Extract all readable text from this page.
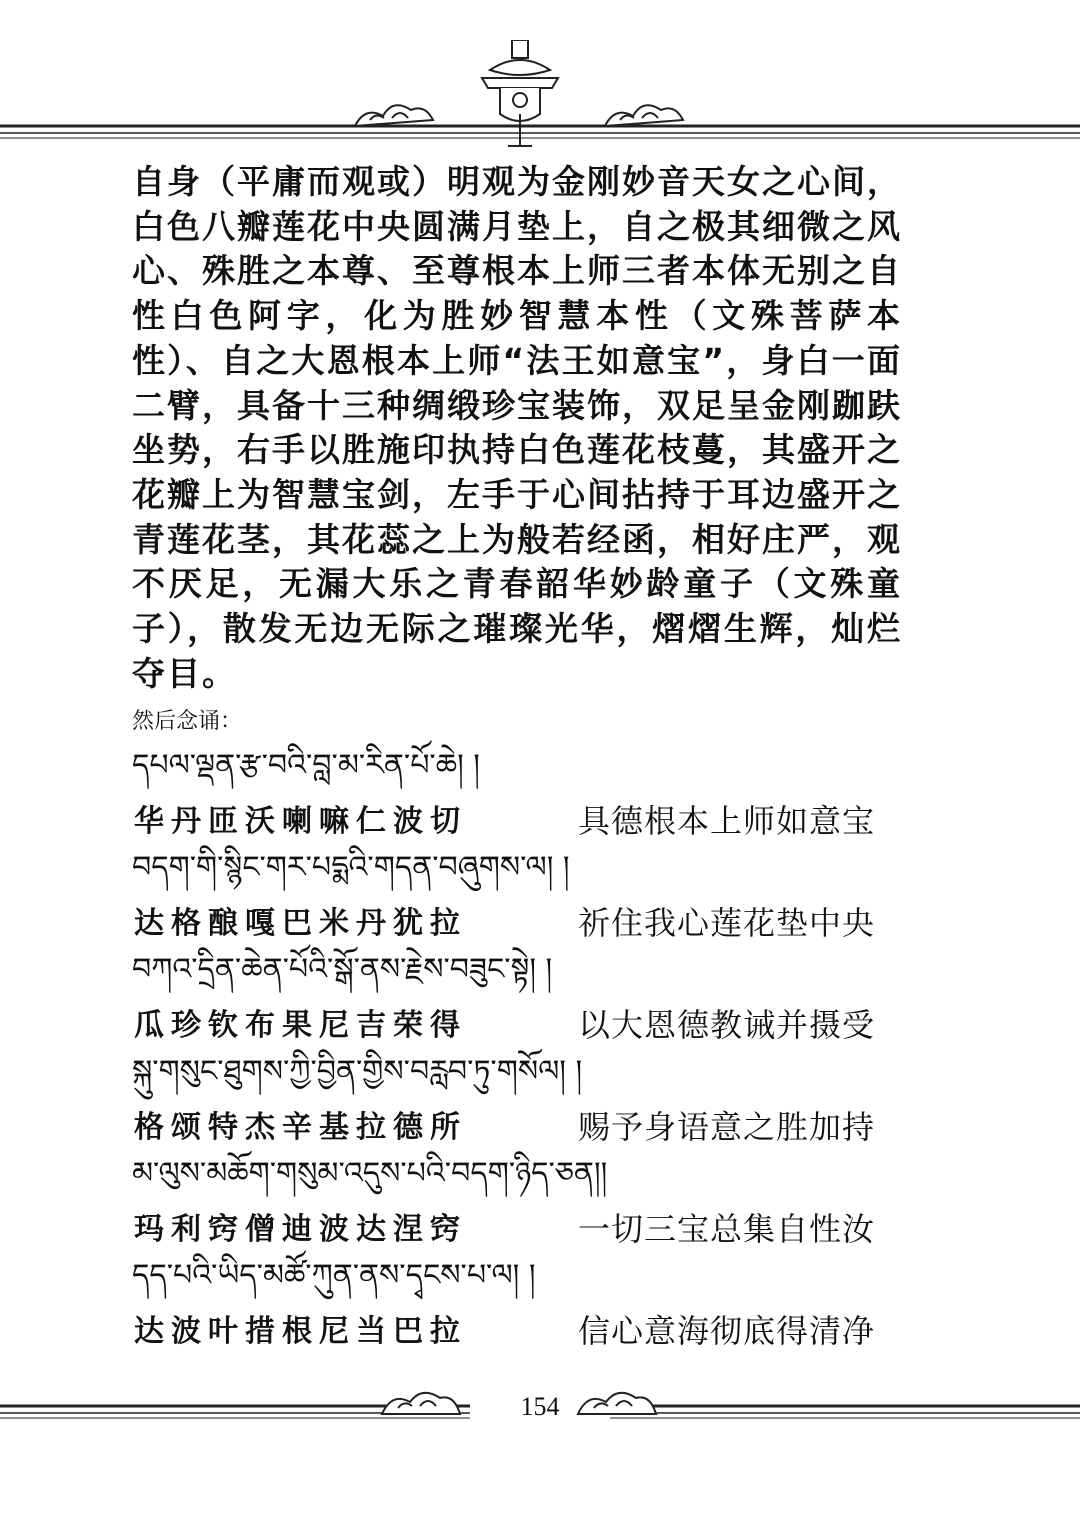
自身（平庸而观或）明观为金刚妙音天女之心间，白色八瓣莲花中央圆满月垫上，自之极其细微之风心、殊胜之本尊、至尊根本上师三者本体无别之自性白色阿字，化为胜妙智慧本性（文殊菩萨本性）、自之大恩根本上师“法王如意宝”，身白一面二臂，具备十三种绸缎珍宝装饰，双足呈金刚跏趺坐势，右手以胜施印执持白色莲花枝蔓，其盛开之花瓣上为智慧宝剑，左手于心间拈持于耳边盛开之青莲花茎，其花蕊之上为般若经函，相好庄严，观不厌足，无漏大乐之青春韶华妙龄童子（文殊童子），散发无边无际之璀璨光华，熠熠生辉，灿烂夺目。
然后念诵：
དཔལ་ལྡན་རྩ་བའི་བླ་མ་རིན་པོ་ཆེ། །
华丹匝沃喇嘛仁波切	具德根本上师如意宝
བདག་གི་སྙིང་གར་པདྨའི་གདན་བཞུགས་ལ། །
达格酿嘎巴米丹犹拉	祈住我心莲花垫中央
བཀའ་དྲིན་ཆེན་པོའི་སྒོ་ནས་རྗེས་བཟུང་སྟེ། །
瓜珍钦布果尼吉荣得	以大恩德教诫并摄受
སྐུ་གསུང་ཐུགས་ཀྱི་བྱིན་གྱིས་བརླབ་ཏུ་གསོལ། །
格颂特杰辛基拉德所	赐予身语意之胜加持
མ་ལུས་མཆོག་གསུམ་འདུས་པའི་བདག་ཉིད་ཅན།།
玛利窍僧迪波达涅窍	一切三宝总集自性汝
དད་པའི་ཡིད་མཚོ་ཀུན་ནས་དྭངས་པ་ལ། །
达波叶措根尼当巴拉	信心意海彻底得清净
154
